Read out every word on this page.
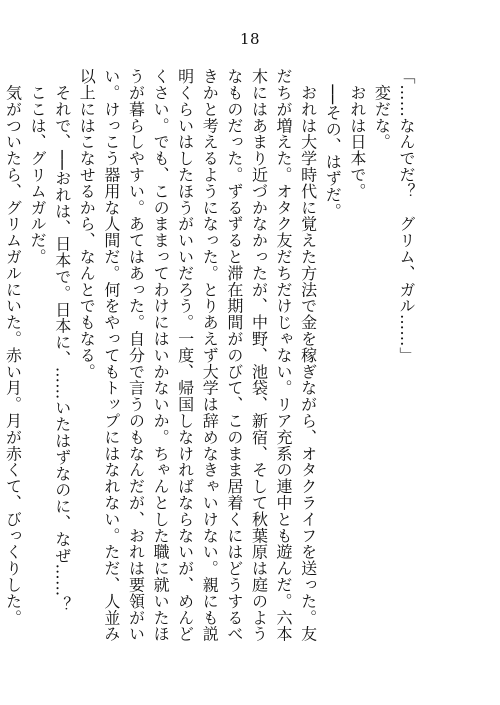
18

「……なんでだ？　グリム、ガル……」

　変だな。

　おれは日本で。

　──その、はずだ。

　おれは大学時代に覚えた方法で金を稼ぎながら、オタクライフを送った。友だちが増えた。オタク友だちだけじゃない。リア充系の連中とも遊んだ。六本木にはあまり近づかなかったが、中野、池袋、新宿、そして秋葉原は庭のようなものだった。ずるずると滞在期間がのびて、このまま居着くにはどうするべきかと考えるようになった。とりあえず大学は辞めなきゃいけない。親にも説明くらいはしたほうがいいだろう。一度、帰国しなければならないが、めんどくさい。でも、このままってわけにはいかないか。ちゃんとした職に就いたほうが暮らしやすい。あてはあった。自分で言うのもなんだが、おれは要領がいい。けっこう器用な人間だ。何をやってもトップにはなれない。ただ、人並み以上にはこなせるから、なんとでもなる。

　それで、──おれは、日本で。日本に、……いたはずなのに、なぜ……？

　ここは、グリムガルだ。

　気がついたら、グリムガルにいた。赤い月。月が赤くて、びっくりした。
